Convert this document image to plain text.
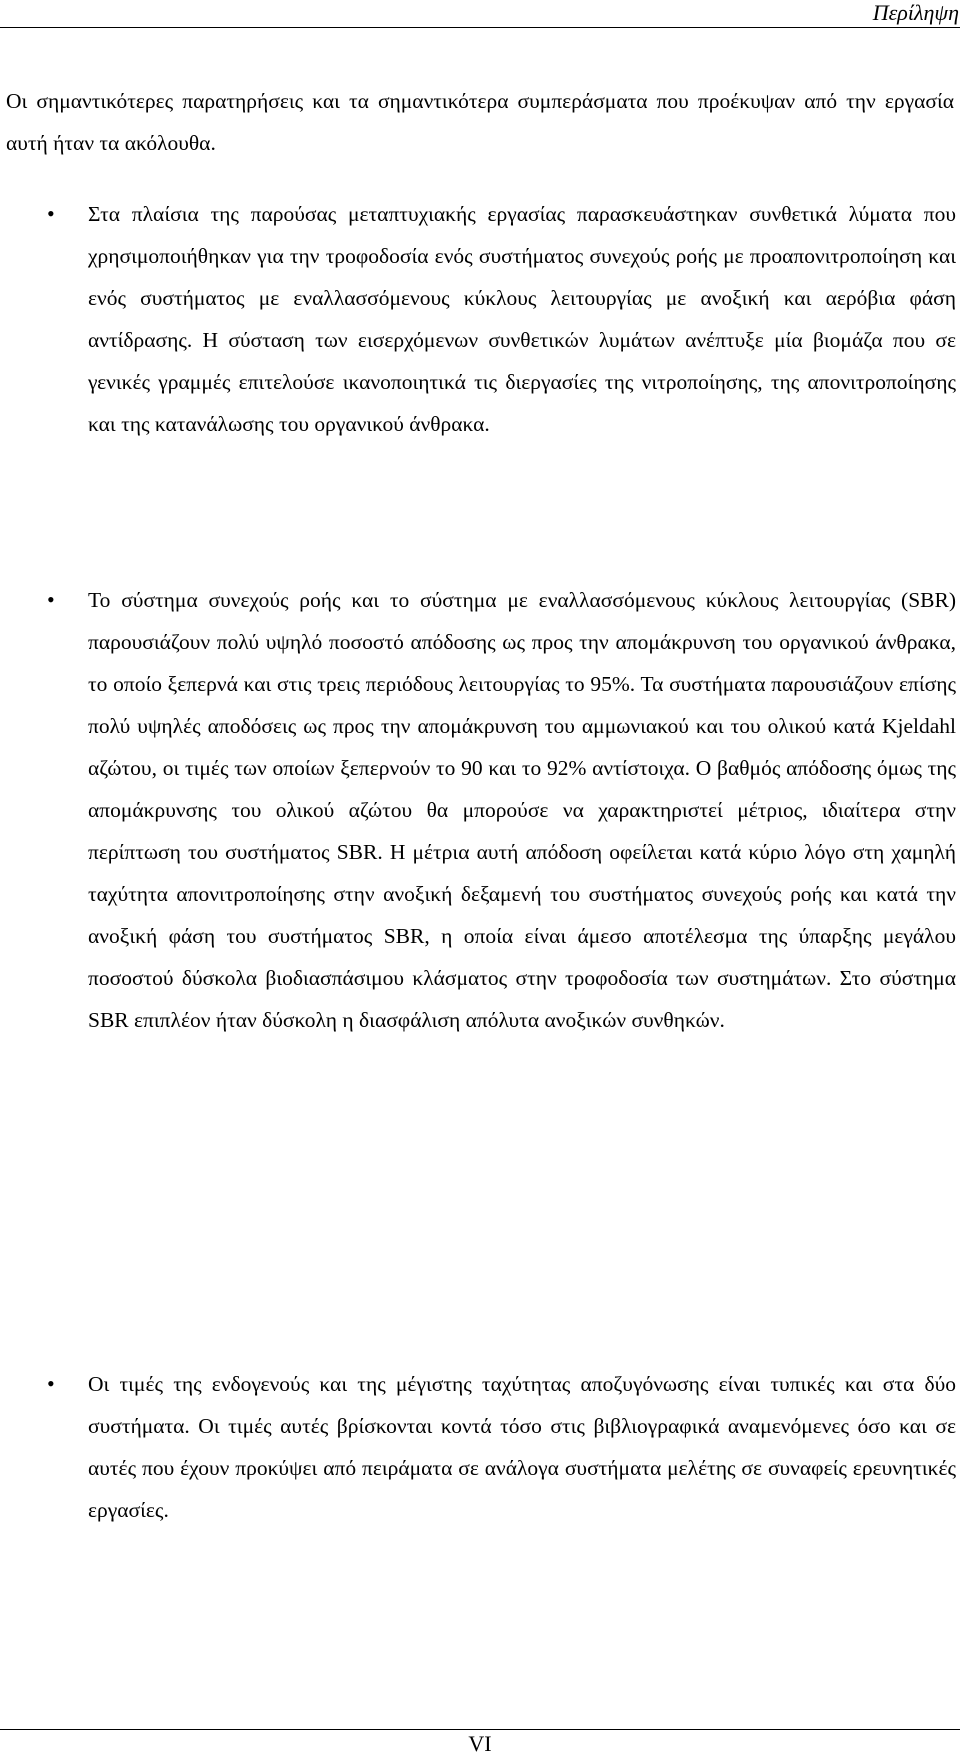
Περίληψη

Οι σημαντικότερες παρατηρήσεις και τα σημαντικότερα συμπεράσματα που προέκυψαν από την εργασία αυτή ήταν τα ακόλουθα.

• Στα πλαίσια της παρούσας μεταπτυχιακής εργασίας παρασκευάστηκαν συνθετικά λύματα που χρησιμοποιήθηκαν για την τροφοδοσία ενός συστήματος συνεχούς ροής με προαπονιτροποίηση και ενός συστήματος με εναλλασσόμενους κύκλους λειτουργίας με ανοξική και αερόβια φάση αντίδρασης. Η σύσταση των εισερχόμενων συνθετικών λυμάτων ανέπτυξε μία βιομάζα που σε γενικές γραμμές επιτελούσε ικανοποιητικά τις διεργασίες της νιτροποίησης, της απονιτροποίησης και της κατανάλωσης του οργανικού άνθρακα.

• Το σύστημα συνεχούς ροής και το σύστημα με εναλλασσόμενους κύκλους λειτουργίας (SBR) παρουσιάζουν πολύ υψηλό ποσοστό απόδοσης ως προς την απομάκρυνση του οργανικού άνθρακα, το οποίο ξεπερνά και στις τρεις περιόδους λειτουργίας το 95%. Τα συστήματα παρουσιάζουν επίσης πολύ υψηλές αποδόσεις ως προς την απομάκρυνση του αμμωνιακού και του ολικού κατά Kjeldahl αζώτου, οι τιμές των οποίων ξεπερνούν το 90 και το 92% αντίστοιχα. Ο βαθμός απόδοσης όμως της απομάκρυνσης του ολικού αζώτου θα μπορούσε να χαρακτηριστεί μέτριος, ιδιαίτερα στην περίπτωση του συστήματος SBR. Η μέτρια αυτή απόδοση οφείλεται κατά κύριο λόγο στη χαμηλή ταχύτητα απονιτροποίησης στην ανοξική δεξαμενή του συστήματος συνεχούς ροής και κατά την ανοξική φάση του συστήματος SBR, η οποία είναι άμεσο αποτέλεσμα της ύπαρξης μεγάλου ποσοστού δύσκολα βιοδιασπάσιμου κλάσματος στην τροφοδοσία των συστημάτων. Στο σύστημα SBR επιπλέον ήταν δύσκολη η διασφάλιση απόλυτα ανοξικών συνθηκών.

• Οι τιμές της ενδογενούς και της μέγιστης ταχύτητας αποζυγόνωσης είναι τυπικές και στα δύο συστήματα. Οι τιμές αυτές βρίσκονται κοντά τόσο στις βιβλιογραφικά αναμενόμενες όσο και σε αυτές που έχουν προκύψει από πειράματα σε ανάλογα συστήματα μελέτης σε συναφείς ερευνητικές εργασίες.

VI
